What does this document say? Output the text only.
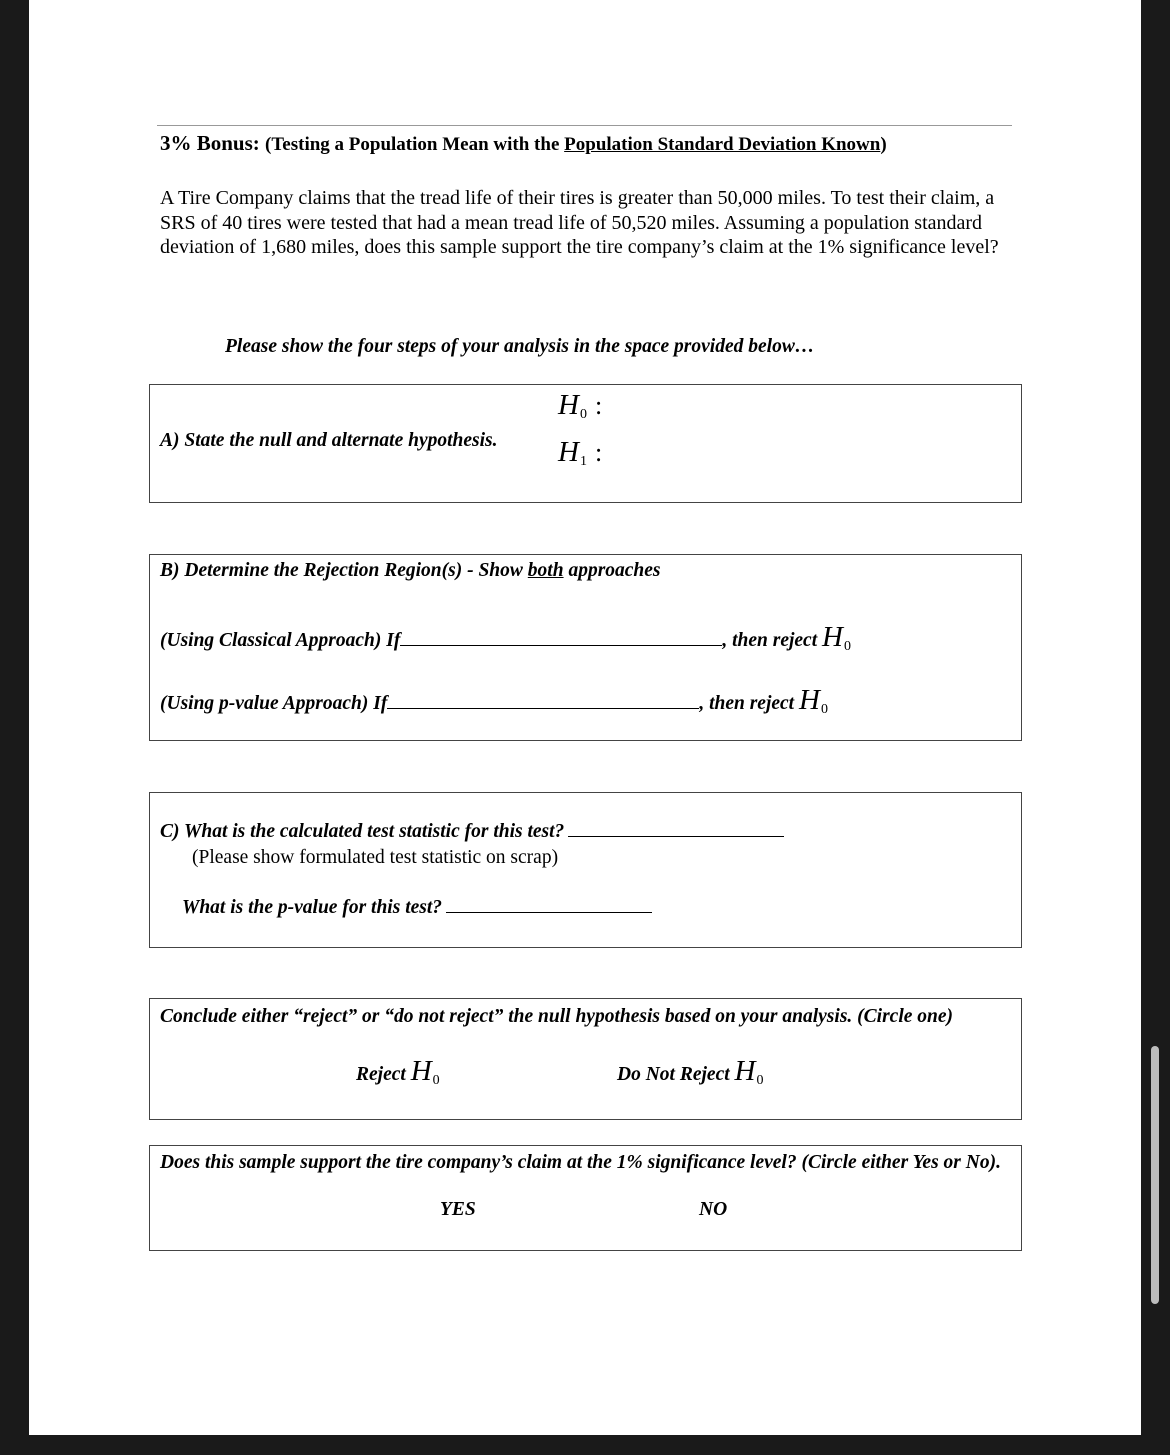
3% Bonus: (Testing a Population Mean with the Population Standard Deviation Known)
A Tire Company claims that the tread life of their tires is greater than 50,000 miles. To test their claim, a SRS of 40 tires were tested that had a mean tread life of 50,520 miles. Assuming a population standard deviation of 1,680 miles, does this sample support the tire company’s claim at the 1% significance level?
Please show the four steps of your analysis in the space provided below…
A) State the null and alternate hypothesis.
$H_0$ :
$H_1$ :
B) Determine the Rejection Region(s) - Show both approaches
(Using Classical Approach) If	, then reject $H_0$
(Using p-value Approach) If	, then reject $H_0$
C) What is the calculated test statistic for this test?
(Please show formulated test statistic on scrap)
What is the p-value for this test?
Conclude either “reject” or “do not reject” the null hypothesis based on your analysis. (Circle one)
Reject $H_0$	Do Not Reject $H_0$
Does this sample support the tire company’s claim at the 1% significance level? (Circle either Yes or No).
YES	NO
